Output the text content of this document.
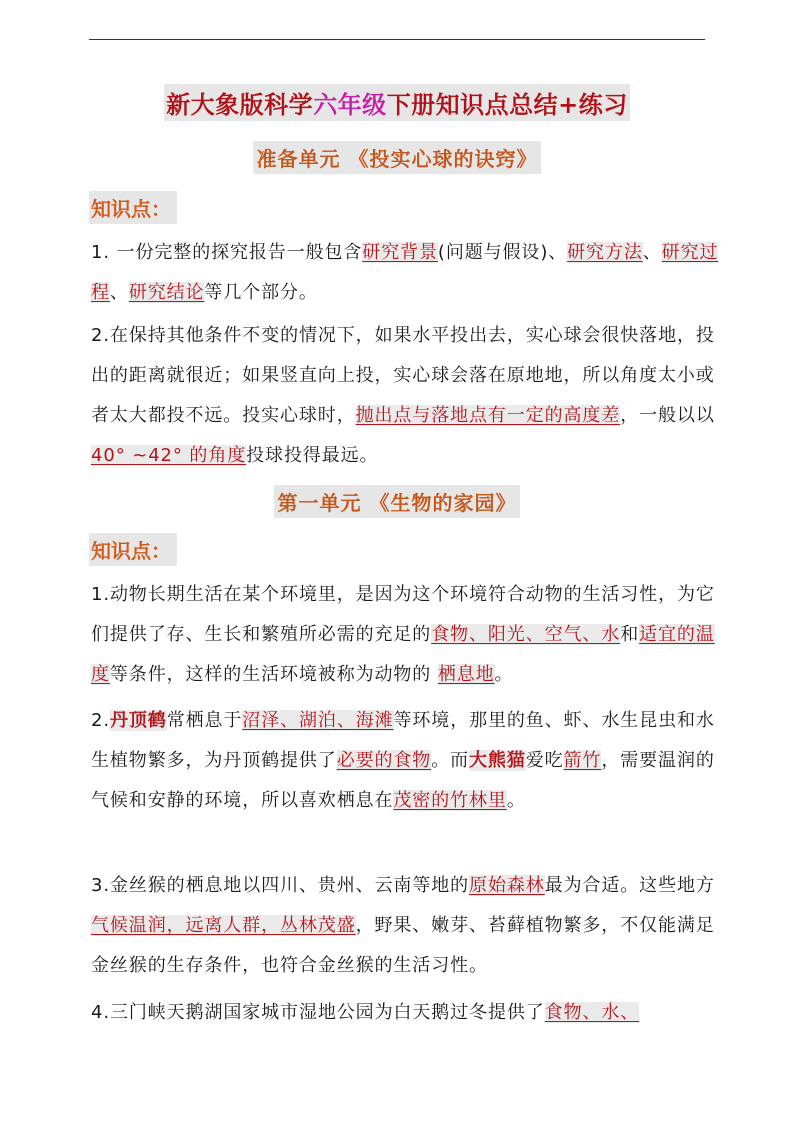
新大象版科学六年级下册知识点总结+练习
准备单元 《投实心球的诀窍》
知识点：
1. 一份完整的探究报告一般包含研究背景(问题与假设)、研究方法、研究过程、研究结论等几个部分。
2.在保持其他条件不变的情况下，如果水平投出去，实心球会很快落地，投出的距离就很近；如果竖直向上投，实心球会落在原地地，所以角度太小或者太大都投不远。投实心球时，抛出点与落地点有一定的高度差，一般以以 40° ~42° 的角度投球投得最远。
第一单元 《生物的家园》
知识点：
1.动物长期生活在某个环境里，是因为这个环境符合动物的生活习性，为它们提供了存、生长和繁殖所必需的充足的食物、阳光、空气、水和适宜的温度等条件，这样的生活环境被称为动物的 栖息地。
2.丹顶鹤常栖息于沼泽、湖泊、海滩等环境，那里的鱼、虾、水生昆虫和水生植物繁多，为丹顶鹤提供了必要的食物。而大熊猫爱吃箭竹，需要温润的气候和安静的环境，所以喜欢栖息在茂密的竹林里。
3.金丝猴的栖息地以四川、贵州、云南等地的原始森林最为合适。这些地方气候温润，远离人群，丛林茂盛，野果、嫩芽、苔藓植物繁多，不仅能满足金丝猴的生存条件，也符合金丝猴的生活习性。
4.三门峡天鹅湖国家城市湿地公园为白天鹅过冬提供了食物、水、
